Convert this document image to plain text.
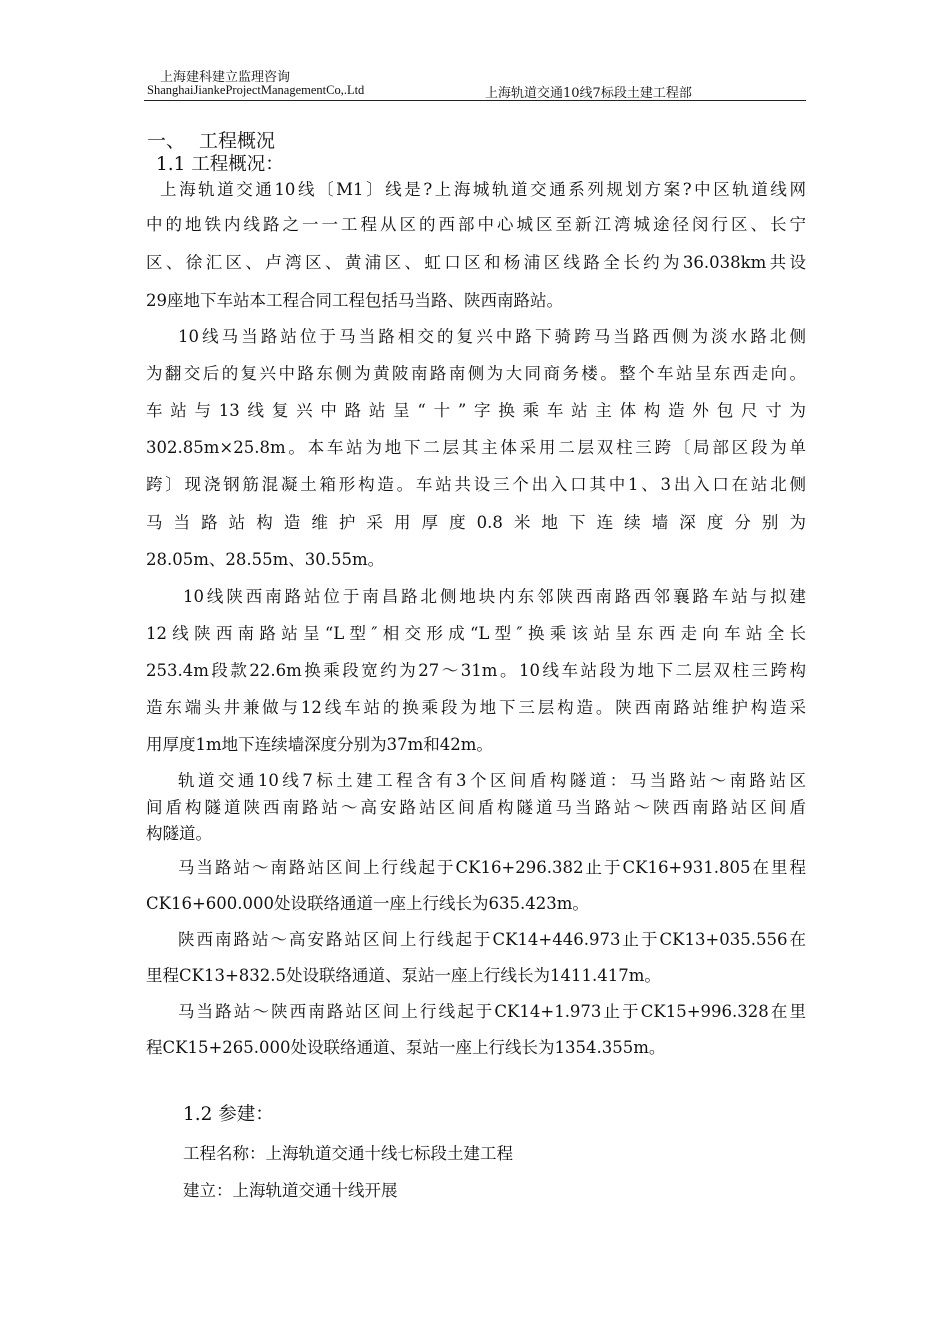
上海建科建立监理咨询
ShanghaiJiankeProjectManagementCo,.Ltd	上海轨道交通10线7标段土建工程部
一、 工程概况
1.1 工程概况：
上海轨道交通10线〔M1〕线是?上海城轨道交通系列规划方案?中区轨道线网
中的地铁内线路之一一工程从区的西部中心城区至新江湾城途径闵行区、长宁
区、徐汇区、卢湾区、黄浦区、虹口区和杨浦区线路全长约为36.038km共设
29座地下车站本工程合同工程包括马当路、陕西南路站。
10线马当路站位于马当路相交的复兴中路下骑跨马当路西侧为淡水路北侧
为翻交后的复兴中路东侧为黄陂南路南侧为大同商务楼。整个车站呈东西走向。
车站与13线复兴中路站呈“十”字换乘车站主体构造外包尺寸为
302.85m×25.8m。本车站为地下二层其主体采用二层双柱三跨〔局部区段为单
跨〕现浇钢筋混凝土箱形构造。车站共设三个出入口其中1、3出入口在站北侧
马当路站构造维护采用厚度0.8米地下连续墙深度分别为
28.05m、28.55m、30.55m。
10线陕西南路站位于南昌路北侧地块内东邻陕西南路西邻襄路车站与拟建
12线陕西南路站呈“L型″相交形成“L型″换乘该站呈东西走向车站全长
253.4m段款22.6m换乘段宽约为27～31m。10线车站段为地下二层双柱三跨构
造东端头井兼做与12线车站的换乘段为地下三层构造。陕西南路站维护构造采
用厚度1m地下连续墙深度分别为37m和42m。
轨道交通10线7标土建工程含有3个区间盾构隧道：马当路站～南路站区
间盾构隧道陕西南路站～高安路站区间盾构隧道马当路站～陕西南路站区间盾
构隧道。
马当路站～南路站区间上行线起于CK16+296.382止于CK16+931.805在里程
CK16+600.000处设联络通道一座上行线长为635.423m。
陕西南路站～高安路站区间上行线起于CK14+446.973止于CK13+035.556在
里程CK13+832.5处设联络通道、泵站一座上行线长为1411.417m。
马当路站～陕西南路站区间上行线起于CK14+1.973止于CK15+996.328在里
程CK15+265.000处设联络通道、泵站一座上行线长为1354.355m。
1.2 参建：
工程名称：上海轨道交通十线七标段土建工程
建立：上海轨道交通十线开展
